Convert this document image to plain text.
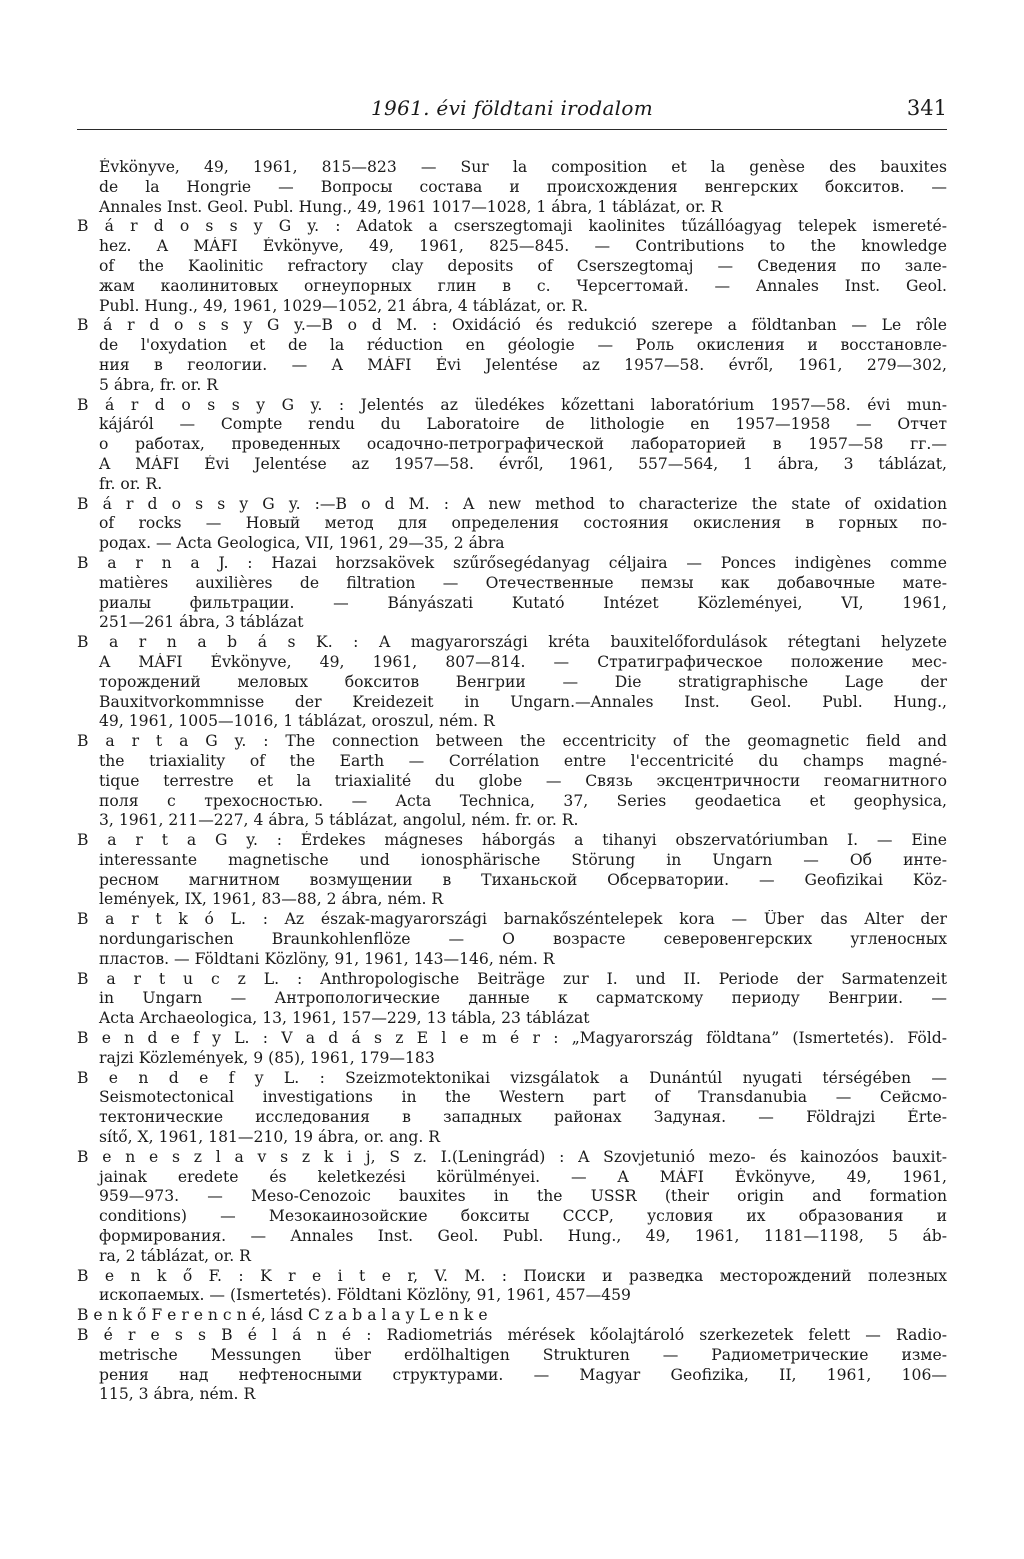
1961. évi földtani irodalom	341
Évkönyve, 49, 1961, 815—823 — Sur la composition et la genèse des bauxites
de la Hongrie — Вопросы состава и происхождения венгерских бокситов. —
Annales Inst. Geol. Publ. Hung., 49, 1961 1017—1028, 1 ábra, 1 táblázat, or. R
B á r d o s s y G y. : Adatok a cserszegtomaji kaolinites tűzállóagyag telepek ismereté-
hez. A MÁFI Évkönyve, 49, 1961, 825—845. — Contributions to the knowledge
of the Kaolinitic refractory clay deposits of Cserszegtomaj — Сведения по зале-
жам каолинитовых огнеупорных глин в с. Черсегтомай. — Annales Inst. Geol.
Publ. Hung., 49, 1961, 1029—1052, 21 ábra, 4 táblázat, or. R.
B á r d o s s y G y.—B o d M. : Oxidáció és redukció szerepe a földtanban — Le rôle
de l'oxydation et de la réduction en géologie — Роль окисления и восстановле-
ния в геологии. — A MÁFI Évi Jelentése az 1957—58. évről, 1961, 279—302,
5 ábra, fr. or. R
B á r d o s s y G y. : Jelentés az üledékes kőzettani laboratórium 1957—58. évi mun-
kájáról — Compte rendu du Laboratoire de lithologie en 1957—1958 — Отчет
о работах, проведенных осадочно-петрографической лабораторией в 1957—58 гг.—
A MÁFI Évi Jelentése az 1957—58. évről, 1961, 557—564, 1 ábra, 3 táblázat,
fr. or. R.
B á r d o s s y G y. :—B o d M. : A new method to characterize the state of oxidation
of rocks — Новый метод для определения состояния окисления в горных по-
родах. — Acta Geologica, VII, 1961, 29—35, 2 ábra
B a r n a J. : Hazai horzsakövek szűrősegédanyag céljaira — Ponces indigènes comme
matières auxilières de filtration — Отечественные пемзы как добавочные мате-
риалы фильтрации. — Bányászati Kutató Intézet Közleményei, VI, 1961,
251—261 ábra, 3 táblázat
B a r n a b á s K. : A magyarországi kréta bauxitelőfordulások rétegtani helyzete
A MÁFI Évkönyve, 49, 1961, 807—814. — Стратиграфическое положение мес-
торождений меловых бокситов Венгрии — Die stratigraphische Lage der
Bauxitvorkommnisse der Kreidezeit in Ungarn.—Annales Inst. Geol. Publ. Hung.,
49, 1961, 1005—1016, 1 táblázat, oroszul, ném. R
B a r t a G y. : The connection between the eccentricity of the geomagnetic field and
the triaxiality of the Earth — Corrélation entre l'eccentricité du champs magné-
tique terrestre et la triaxialité du globe — Связь эксцентричности геомагнитного
поля с трехосностью. — Acta Technica, 37, Series geodaetica et geophysica,
3, 1961, 211—227, 4 ábra, 5 táblázat, angolul, ném. fr. or. R.
B a r t a G y. : Érdekes mágneses háborgás a tihanyi obszervatóriumban I. — Eine
interessante magnetische und ionosphärische Störung in Ungarn — Об инте-
ресном магнитном возмущении в Тиханьской Обсерватории. — Geofizikai Köz-
lemények, IX, 1961, 83—88, 2 ábra, ném. R
B a r t k ó L. : Az észak-magyarországi barnakőszéntelepek kora — Über das Alter der
nordungarischen Braunkohlenflöze — О возрасте северовенгерских угленосных
пластов. — Földtani Közlöny, 91, 1961, 143—146, ném. R
B a r t u c z L. : Anthropologische Beiträge zur I. und II. Periode der Sarmatenzeit
in Ungarn — Антропологические данные к сарматскому периоду Венгрии. —
Acta Archaeologica, 13, 1961, 157—229, 13 tábla, 23 táblázat
B e n d e f y L. : V a d á s z E l e m é r : „Magyarország földtana” (Ismertetés). Föld-
rajzi Közlemények, 9 (85), 1961, 179—183
B e n d e f y L. : Szeizmotektonikai vizsgálatok a Dunántúl nyugati térségében —
Seismotectonical investigations in the Western part of Transdanubia — Сейсмо-
тектонические исследования в западных районах Задуная. — Földrajzi Érte-
sítő, X, 1961, 181—210, 19 ábra, or. ang. R
B e n e s z l a v s z k i j, S z. I.(Leningrád) : A Szovjetunió mezo- és kainozóos bauxit-
jainak eredete és keletkezési körülményei. — A MÁFI Évkönyve, 49, 1961,
959—973. — Meso-Cenozoic bauxites in the USSR (their origin and formation
conditions) — Мезокаинозойские бокситы СССР, условия их образования и
формирования. — Annales Inst. Geol. Publ. Hung., 49, 1961, 1181—1198, 5 áb-
ra, 2 táblázat, or. R
B e n k ő F. : K r e i t e r, V. M. : Поиски и разведка месторождений полезных
ископаемых. — (Ismertetés). Földtani Közlöny, 91, 1961, 457—459
B e n k ő F e r e n c n é, lásd C z a b a l a y L e n k e
B é r e s s B é l á n é : Radiometriás mérések kőolajtároló szerkezetek felett — Radio-
metrische Messungen über erdölhaltigen Strukturen — Радиометрические изме-
рения над нефтеносными структурами. — Magyar Geofizika, II, 1961, 106—
115, 3 ábra, ném. R
